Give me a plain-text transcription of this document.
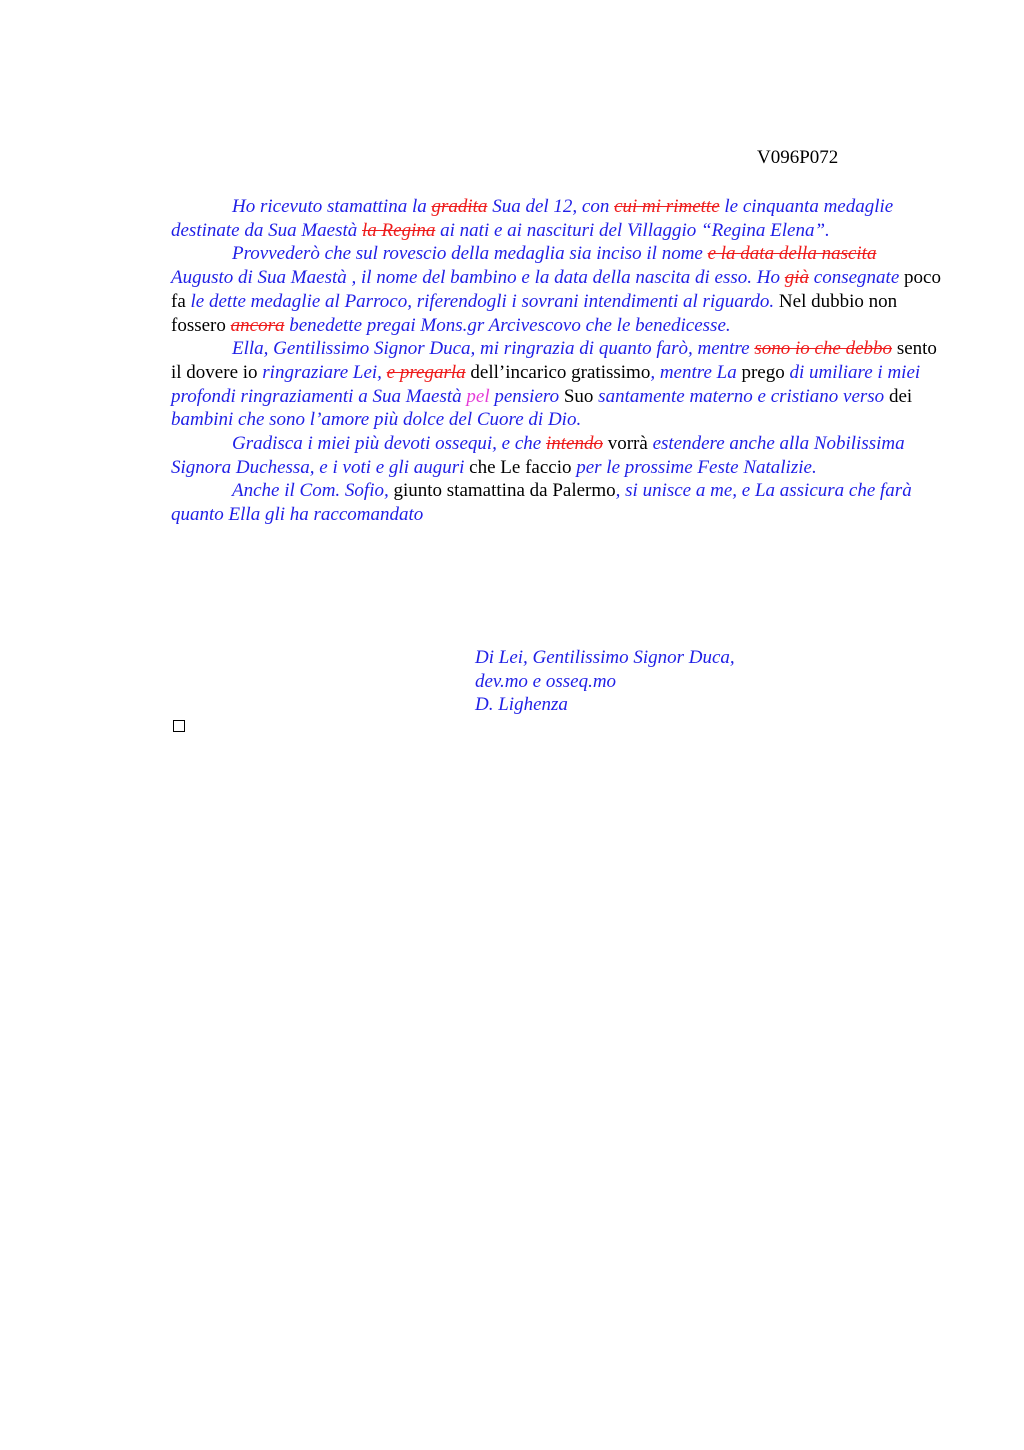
V096P072

Ho ricevuto stamattina la gradita Sua del 12, con cui mi rimette le cinquanta medaglie destinate da Sua Maestà la Regina ai nati e ai nascituri del Villaggio “Regina Elena”.

Provvederò che sul rovescio della medaglia sia inciso il nome e la data della nascita Augusto di Sua Maestà , il nome del bambino e la data della nascita di esso. Ho già consegnate poco fa le dette medaglie al Parroco, riferendogli i sovrani intendimenti al riguardo. Nel dubbio non fossero ancora benedette pregai Mons.gr Arcivescovo che le benedicesse.

Ella, Gentilissimo Signor Duca, mi ringrazia di quanto farò, mentre sono io che debbo sento il dovere io ringraziare Lei, e pregarla dell’incarico gratissimo, mentre La prego di umiliare i miei profondi ringraziamenti a Sua Maestà pel pensiero Suo santamente materno e cristiano verso dei bambini che sono l’amore più dolce del Cuore di Dio.

Gradisca i miei più devoti ossequi, e che intendo vorrà estendere anche alla Nobilissima Signora Duchessa, e i voti e gli auguri che Le faccio per le prossime Feste Natalizie.

Anche il Com. Sofio, giunto stamattina da Palermo, si unisce a me, e La assicura che farà quanto Ella gli ha raccomandato

Di Lei, Gentilissimo Signor Duca,
dev.mo e osseq.mo
D. Lighenza
